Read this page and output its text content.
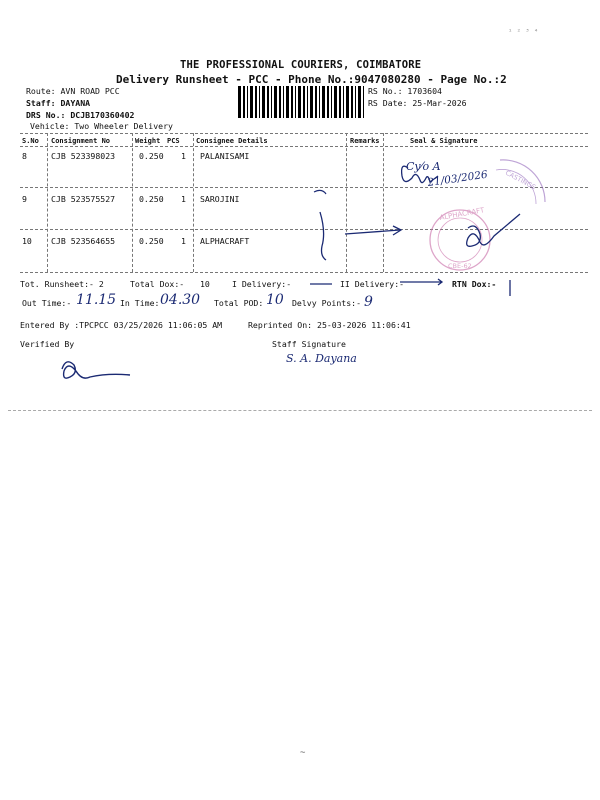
¹ ² ³ ⁴
THE PROFESSIONAL COURIERS, COIMBATORE
Delivery Runsheet - PCC - Phone No.:9047080280 - Page No.:2
Route: AVN ROAD PCC
Staff: DAYANA
DRS No.: DCJB170360402
Vehicle: Two Wheeler Delivery
RS No.: 1703604
RS Date: 25-Mar-2026
S.No Consignment No	Weight PCS Consignee Details	Remarks	Seal & Signature
8	CJB 523398023	0.250 1 PALANISAMI
9	CJB 523575527	0.250 1 SAROJINI
10 CJB 523564655	0.250 1 ALPHACRAFT
CASTINGS
21/03/2026
Cy⁄o A
ALPHACRAFT
CBE-62
Tot. Runsheet:- 2	Total Dox:- 10	I Delivery:-	II Delivery:-	RTN Dox:-
Out Time:- 11.15 In Time: 04.30 Total POD: 10 Delvy Points:- 9
Entered By :TPCPCC 03/25/2026 11:06:05 AM	Reprinted On: 25-03-2026 11:06:41
Verified By	Staff Signature
S. A. Dayana
~
